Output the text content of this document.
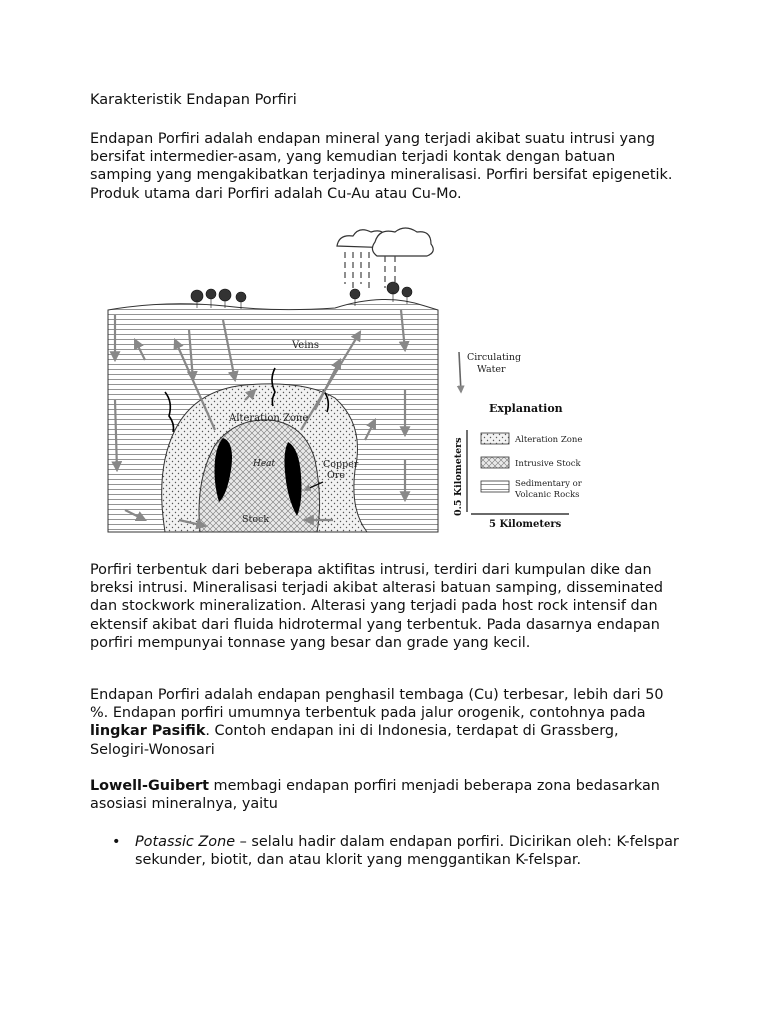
Karakteristik Endapan Porfiri

Endapan Porfiri adalah endapan mineral yang terjadi akibat suatu intrusi yang bersifat intermedier-asam, yang kemudian terjadi kontak dengan batuan samping yang mengakibatkan terjadinya mineralisasi. Porfiri bersifat epigenetik. Produk utama dari Porfiri adalah Cu-Au atau Cu-Mo.

Porfiri terbentuk dari beberapa aktifitas intrusi, terdiri dari kumpulan dike dan breksi intrusi. Mineralisasi terjadi akibat alterasi batuan samping, disseminated dan stockwork mineralization. Alterasi yang terjadi pada host rock intensif dan ektensif akibat dari fluida hidrotermal yang terbentuk. Pada dasarnya endapan porfiri mempunyai tonnase yang besar dan grade yang kecil.

Endapan Porfiri adalah endapan penghasil tembaga (Cu) terbesar, lebih dari 50 %. Endapan porfiri umumnya terbentuk pada jalur orogenik, contohnya pada lingkar Pasifik. Contoh endapan ini di Indonesia, terdapat di Grassberg, Selogiri-Wonosari

Lowell-Guibert membagi endapan porfiri menjadi beberapa zona bedasarkan asosiasi mineralnya, yaitu

• Potassic Zone – selalu hadir dalam endapan porfiri. Dicirikan oleh: K-felspar sekunder, biotit, dan atau klorit yang menggantikan K-felspar.
Veins
Alteration Zone
Heat	Copper
Ore
Stock
Circulating
Water
Explanation
Alteration Zone
Intrusive Stock
Sedimentary or
Volcanic Rocks
0.5 Kilometers
5 Kilometers
